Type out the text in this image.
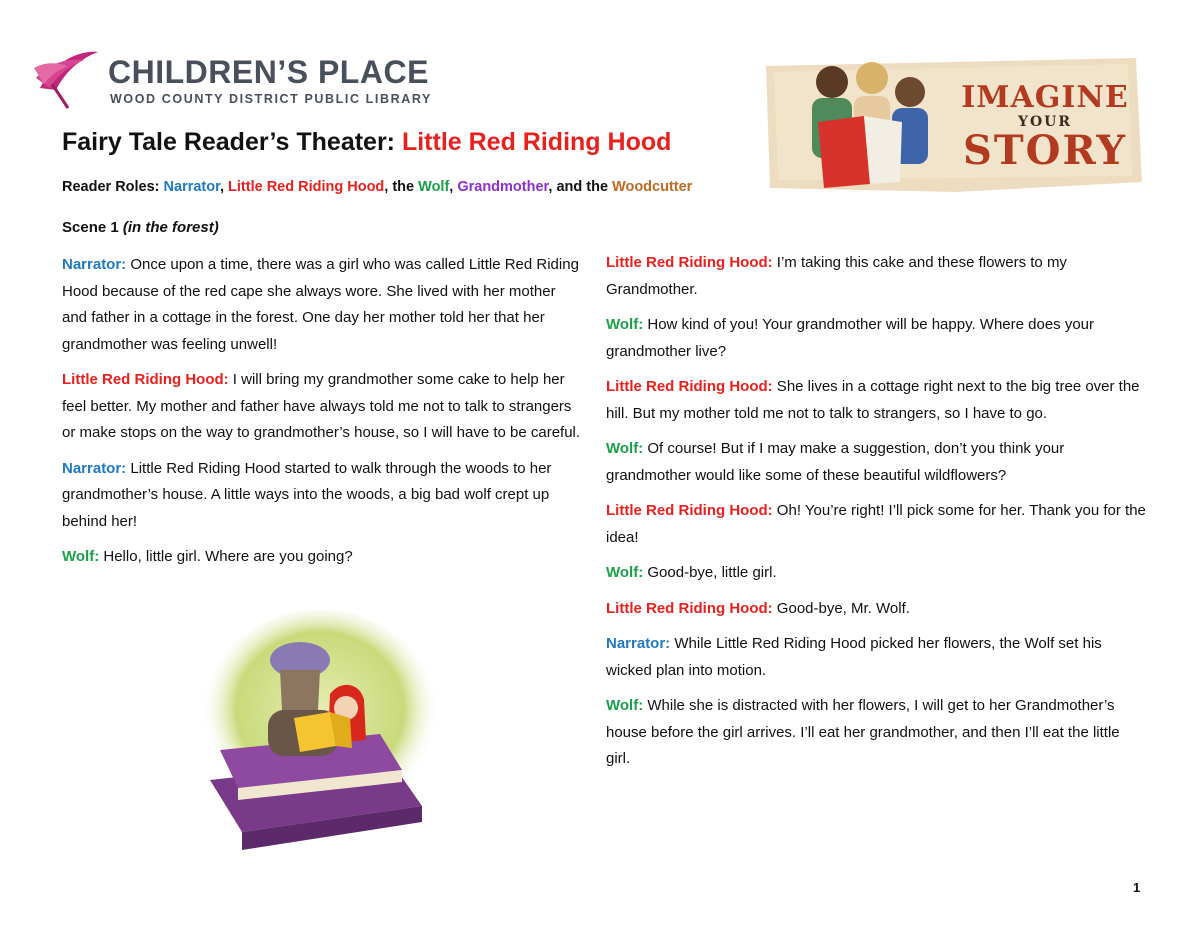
CHILDREN’S PLACE
WOOD COUNTY DISTRICT PUBLIC LIBRARY	IMAGINE
YOUR
STORY
Fairy Tale Reader’s Theater: Little Red Riding Hood
Reader Roles: Narrator, Little Red Riding Hood, the Wolf, Grandmother, and the Woodcutter
Scene 1 (in the forest)

Narrator: Once upon a time, there was a girl who was called Little Red Riding Hood because of the red cape she always wore. She lived with her mother and father in a cottage in the forest. One day her mother told her that her grandmother was feeling unwell!

Little Red Riding Hood: I will bring my grandmother some cake to help her feel better. My mother and father have always told me not to talk to strangers or make stops on the way to grandmother’s house, so I will have to be careful.

Narrator: Little Red Riding Hood started to walk through the woods to her grandmother’s house. A little ways into the woods, a big bad wolf crept up behind her!

Wolf: Hello, little girl. Where are you going?

Little Red Riding Hood: I’m taking this cake and these flowers to my Grandmother.

Wolf: How kind of you! Your grandmother will be happy. Where does your grandmother live?

Little Red Riding Hood: She lives in a cottage right next to the big tree over the hill. But my mother told me not to talk to strangers, so I have to go.

Wolf: Of course! But if I may make a suggestion, don’t you think your grandmother would like some of these beautiful wildflowers?

Little Red Riding Hood: Oh! You’re right! I’ll pick some for her. Thank you for the idea!

Wolf: Good-bye, little girl.

Little Red Riding Hood: Good-bye, Mr. Wolf.

Narrator: While Little Red Riding Hood picked her flowers, the Wolf set his wicked plan into motion.

Wolf: While she is distracted with her flowers, I will get to her Grandmother’s house before the girl arrives. I’ll eat her grandmother, and then I’ll eat the little girl.

1
